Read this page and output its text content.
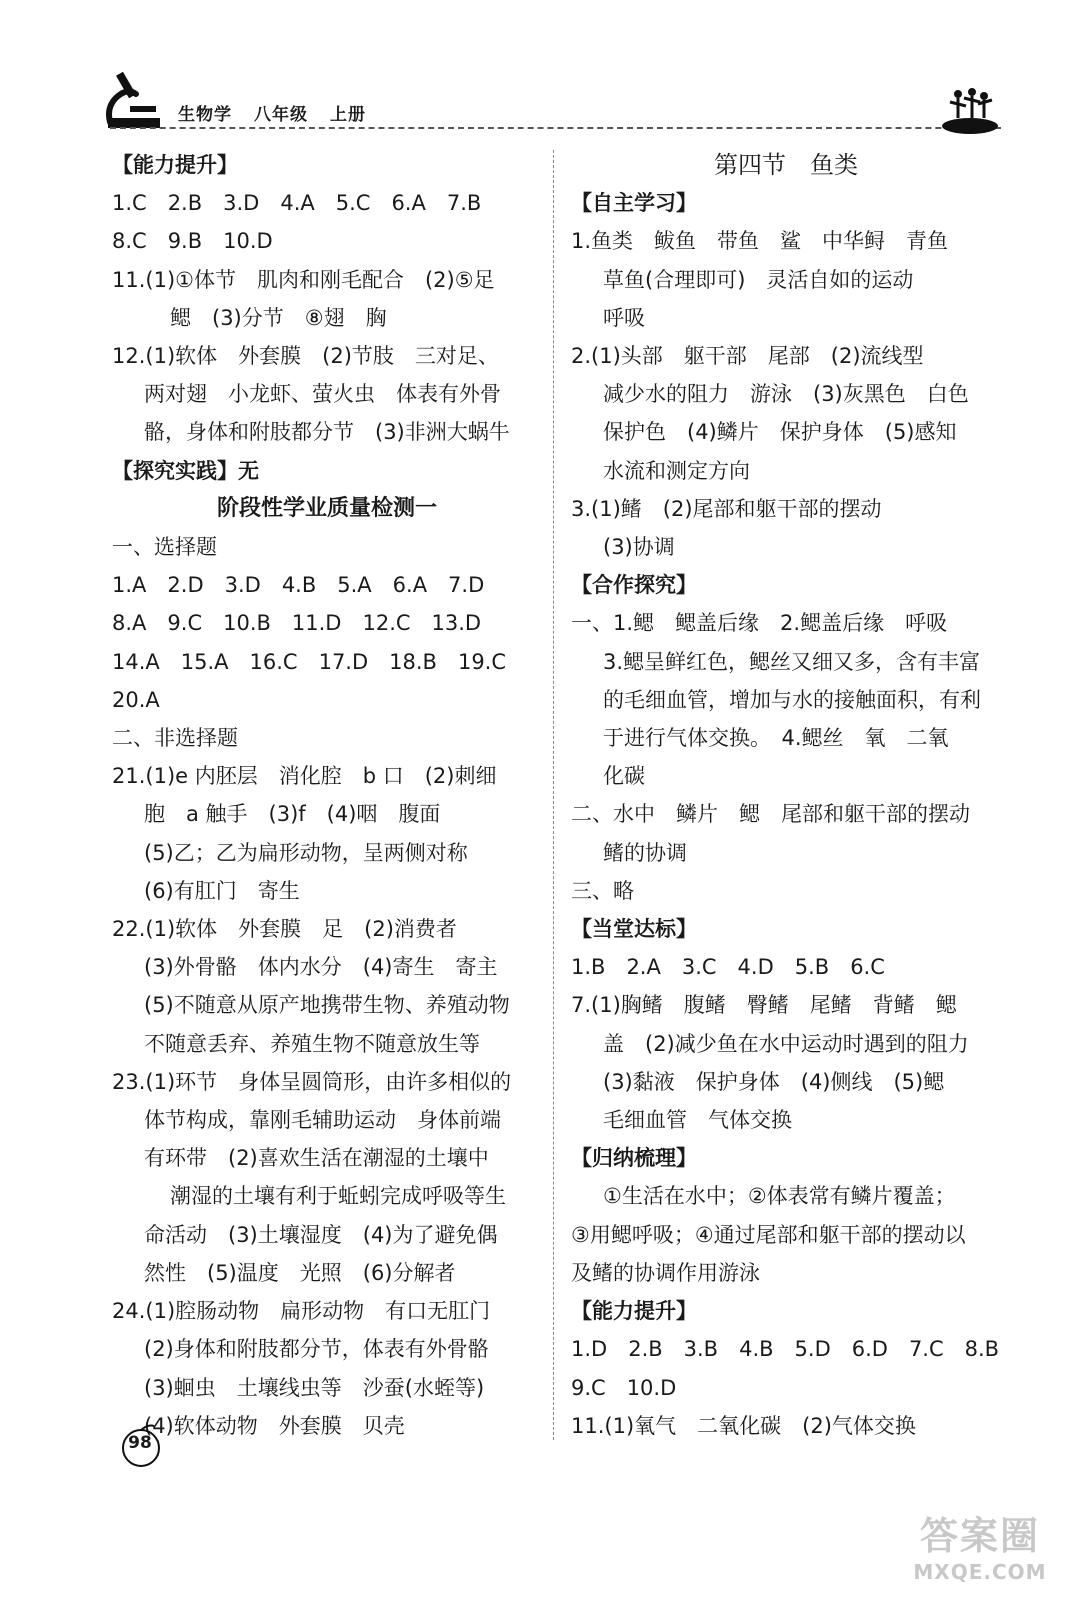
生物学 八年级 上册
【能力提升】
1.C　2.B　3.D　4.A　5.C　6.A　7.B
8.C　9.B　10.D
11.(1)①体节　肌肉和刚毛配合　(2)⑤足
鳃　(3)分节　⑧翅　胸
12.(1)软体　外套膜　(2)节肢　三对足、
两对翅　小龙虾、萤火虫　体表有外骨
骼，身体和附肢都分节　(3)非洲大蜗牛
【探究实践】无
阶段性学业质量检测一
一、选择题
1.A　2.D　3.D　4.B　5.A　6.A　7.D
8.A　9.C　10.B　11.D　12.C　13.D
14.A　15.A　16.C　17.D　18.B　19.C
20.A
二、非选择题
21.(1)e 内胚层　消化腔　b 口　(2)刺细
胞　a 触手　(3)f　(4)咽　腹面
(5)乙；乙为扁形动物，呈两侧对称
(6)有肛门　寄生
22.(1)软体　外套膜　足　(2)消费者
(3)外骨骼　体内水分　(4)寄生　寄主
(5)不随意从原产地携带生物、养殖动物
不随意丢弃、养殖生物不随意放生等
23.(1)环节　身体呈圆筒形，由许多相似的
体节构成，靠刚毛辅助运动　身体前端
有环带　(2)喜欢生活在潮湿的土壤中
潮湿的土壤有利于蚯蚓完成呼吸等生
命活动　(3)土壤湿度　(4)为了避免偶
然性　(5)温度　光照　(6)分解者
24.(1)腔肠动物　扁形动物　有口无肛门
(2)身体和附肢都分节，体表有外骨骼
(3)蛔虫　土壤线虫等　沙蚕(水蛭等)
(4)软体动物　外套膜　贝壳
第四节　鱼类
【自主学习】
1.鱼类　鲅鱼　带鱼　鲨　中华鲟　青鱼
草鱼(合理即可)　灵活自如的运动
呼吸
2.(1)头部　躯干部　尾部　(2)流线型
减少水的阻力　游泳　(3)灰黑色　白色
保护色　(4)鳞片　保护身体　(5)感知
水流和测定方向
3.(1)鳍　(2)尾部和躯干部的摆动
(3)协调
【合作探究】
一、1.鳃　鳃盖后缘　2.鳃盖后缘　呼吸
3.鳃呈鲜红色，鳃丝又细又多，含有丰富
的毛细血管，增加与水的接触面积，有利
于进行气体交换。　4.鳃丝　氧　二氧
化碳
二、水中　鳞片　鳃　尾部和躯干部的摆动
鳍的协调
三、略
【当堂达标】
1.B　2.A　3.C　4.D　5.B　6.C
7.(1)胸鳍　腹鳍　臀鳍　尾鳍　背鳍　鳃
盖　(2)减少鱼在水中运动时遇到的阻力
(3)黏液　保护身体　(4)侧线　(5)鳃
毛细血管　气体交换
【归纳梳理】
①生活在水中；②体表常有鳞片覆盖；
③用鳃呼吸；④通过尾部和躯干部的摆动以
及鳍的协调作用游泳
【能力提升】
1.D　2.B　3.B　4.B　5.D　6.D　7.C　8.B
9.C　10.D
11.(1)氧气　二氧化碳　(2)气体交换
98
答案圈
MXQE.COM
